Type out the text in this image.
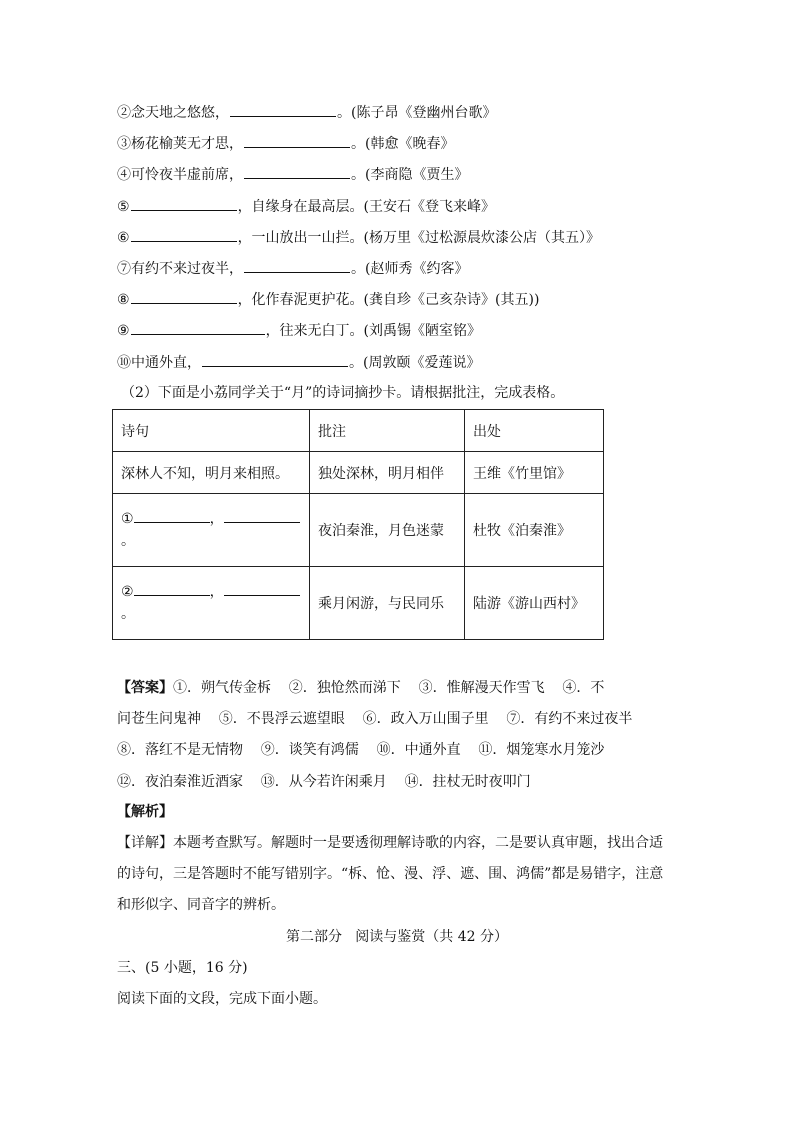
②念天地之悠悠，	。(陈子昂《登幽州台歌》
③杨花榆荚无才思，	。(韩愈《晚春》
④可怜夜半虚前席，	。(李商隐《贾生》
⑤	，自缘身在最高层。(王安石《登飞来峰》
⑥	，一山放出一山拦。(杨万里《过松源晨炊漆公店（其五）》
⑦有约不来过夜半，	。(赵师秀《约客》
⑧	，化作春泥更护花。(龚自珍《己亥杂诗》(其五))
⑨	，往来无白丁。(刘禹锡《陋室铭》
⑩中通外直，	。(周敦颐《爱莲说》
（2）下面是小荔同学关于“月”的诗词摘抄卡。请根据批注，完成表格。
诗句	批注	出处
深林人不知，明月来相照。	独处深林，明月相伴	王维《竹里馆》

① ，
。	夜泊秦淮，月色迷蒙	杜牧《泊秦淮》

② ，
。	乘月闲游，与民同乐	陆游《游山西村》
【答案】①．朔气传金柝    ②．独怆然而涕下    ③．惟解漫天作雪飞    ④．不
问苍生问鬼神    ⑤．不畏浮云遮望眼    ⑥．政入万山围子里    ⑦．有约不来过夜半
⑧．落红不是无情物    ⑨．谈笑有鸿儒    ⑩．中通外直    ⑪．烟笼寒水月笼沙
⑫．夜泊秦淮近酒家    ⑬．从今若许闲乘月    ⑭．拄杖无时夜叩门
【解析】
【详解】本题考查默写。解题时一是要透彻理解诗歌的内容，二是要认真审题，找出合适
的诗句，三是答题时不能写错别字。“柝、怆、漫、浮、遮、围、鸿儒”都是易错字，注意
和形似字、同音字的辨析。
第二部分   阅读与鉴赏（共 42 分）
三、(5 小题，16 分)
阅读下面的文段，完成下面小题。
